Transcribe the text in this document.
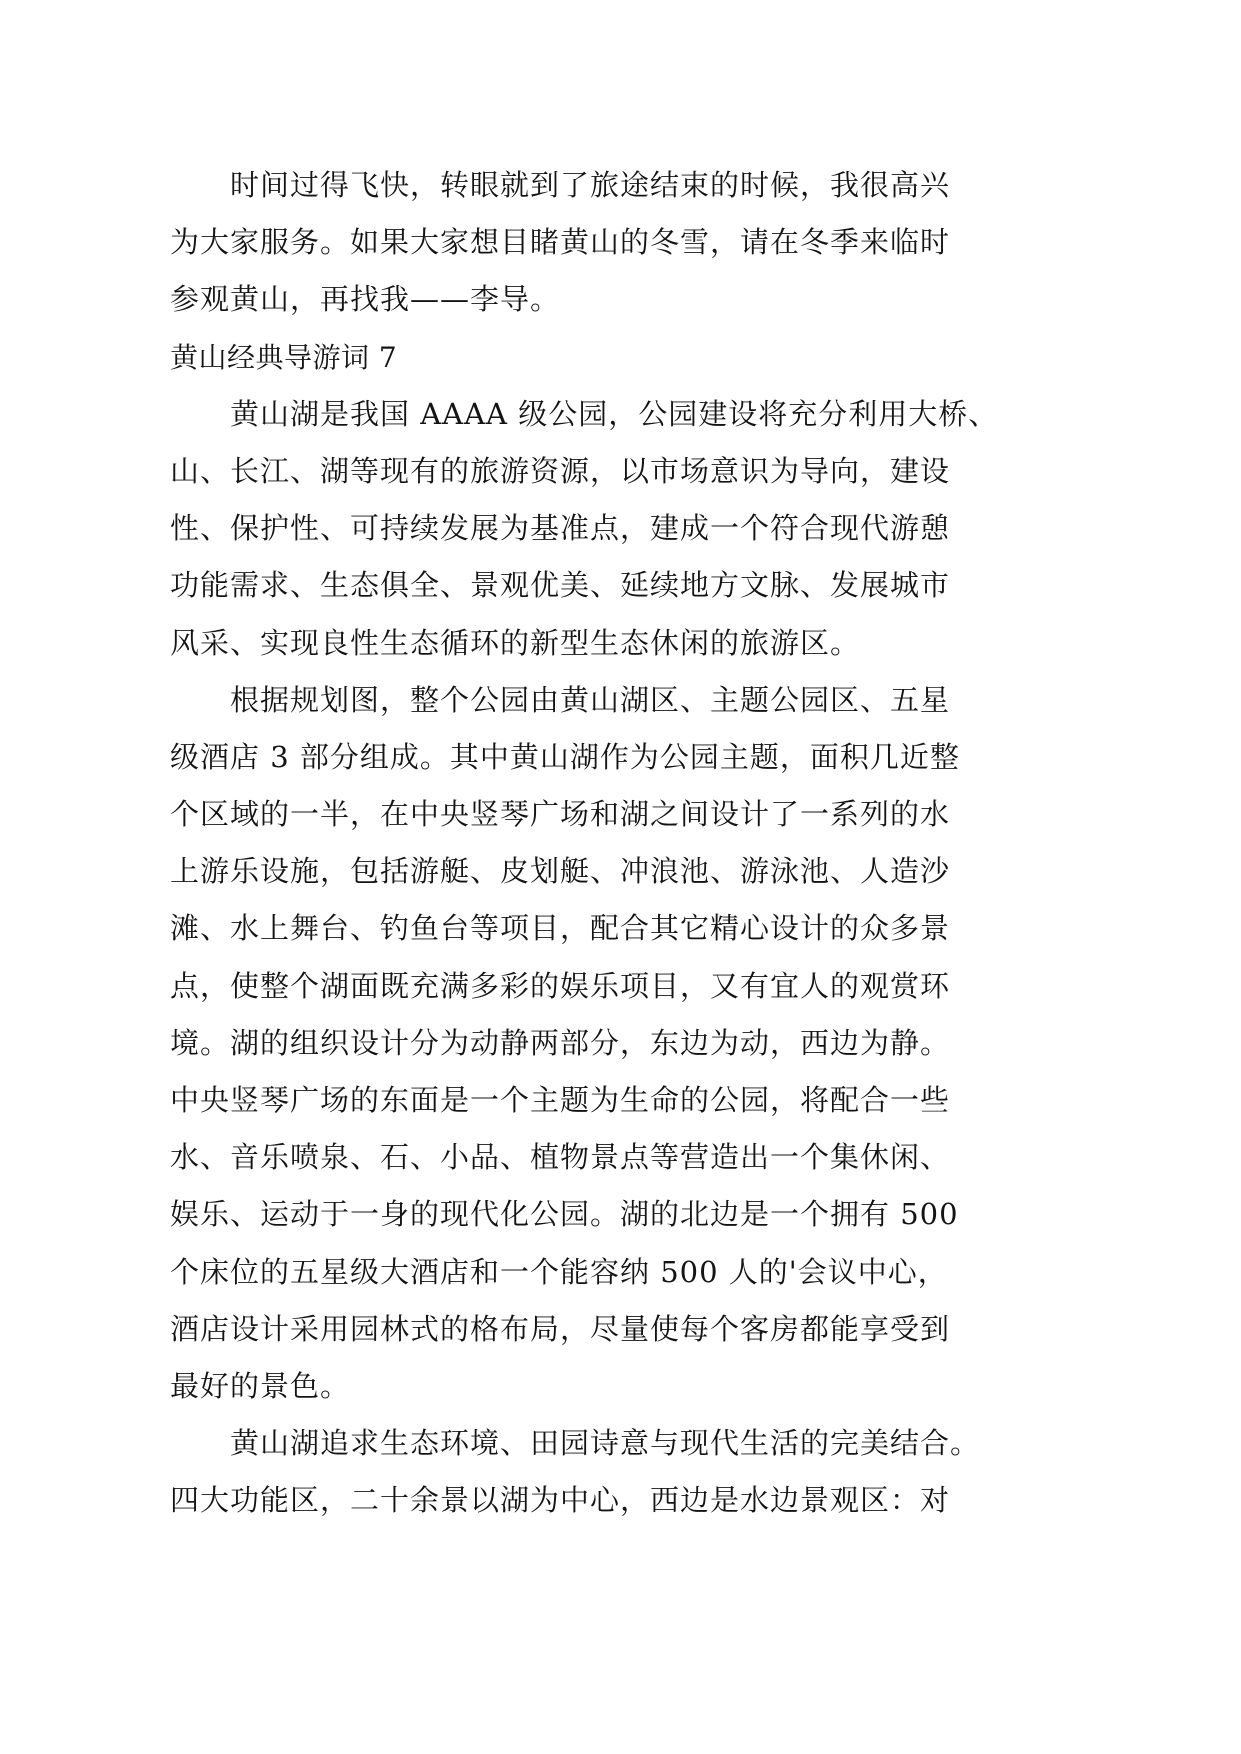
时间过得飞快，转眼就到了旅途结束的时候，我很高兴
为大家服务。如果大家想目睹黄山的冬雪，请在冬季来临时
参观黄山，再找我——李导。
黄山经典导游词 7
黄山湖是我国 AAAA 级公园，公园建设将充分利用大桥、
山、长江、湖等现有的旅游资源，以市场意识为导向，建设
性、保护性、可持续发展为基准点，建成一个符合现代游憩
功能需求、生态俱全、景观优美、延续地方文脉、发展城市
风采、实现良性生态循环的新型生态休闲的旅游区。
根据规划图，整个公园由黄山湖区、主题公园区、五星
级酒店 3 部分组成。其中黄山湖作为公园主题，面积几近整
个区域的一半，在中央竖琴广场和湖之间设计了一系列的水
上游乐设施，包括游艇、皮划艇、冲浪池、游泳池、人造沙
滩、水上舞台、钓鱼台等项目，配合其它精心设计的众多景
点，使整个湖面既充满多彩的娱乐项目，又有宜人的观赏环
境。湖的组织设计分为动静两部分，东边为动，西边为静。
中央竖琴广场的东面是一个主题为生命的公园，将配合一些
水、音乐喷泉、石、小品、植物景点等营造出一个集休闲、
娱乐、运动于一身的现代化公园。湖的北边是一个拥有 500
个床位的五星级大酒店和一个能容纳 500 人的'会议中心，
酒店设计采用园林式的格布局，尽量使每个客房都能享受到
最好的景色。
黄山湖追求生态环境、田园诗意与现代生活的完美结合。
四大功能区，二十余景以湖为中心，西边是水边景观区：对
